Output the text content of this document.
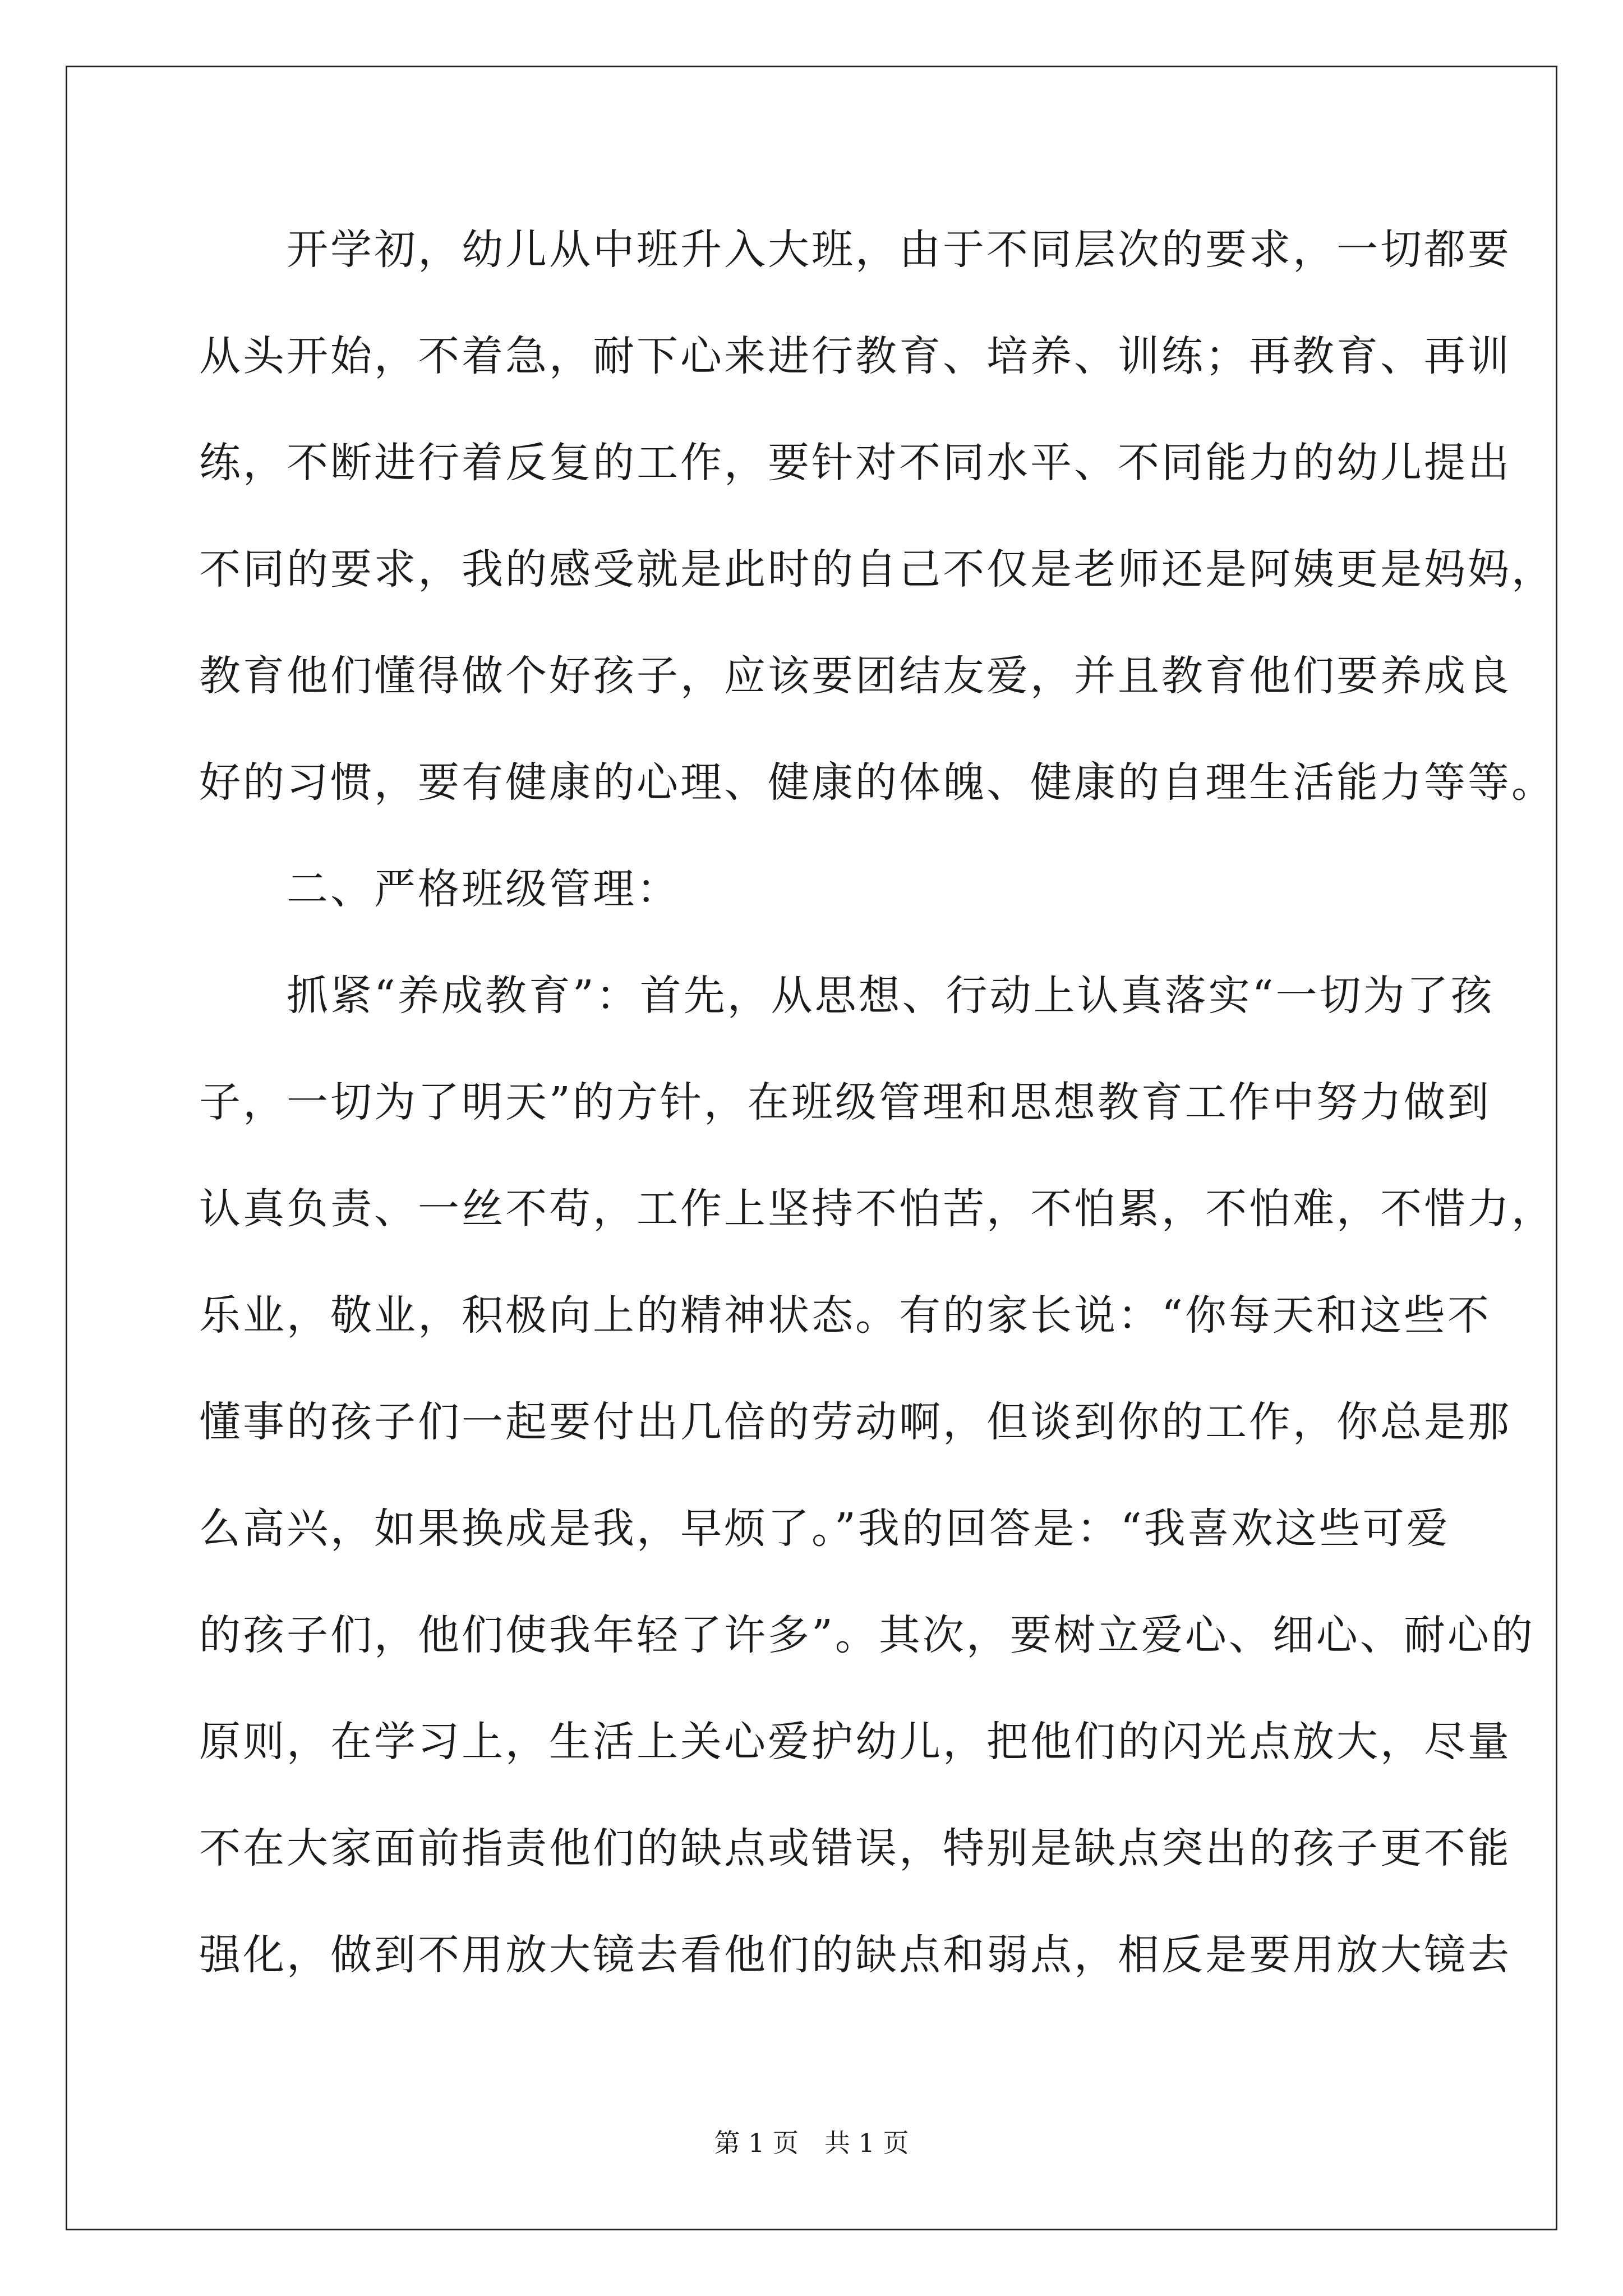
　　开学初，幼儿从中班升入大班，由于不同层次的要求，一切都要
从头开始，不着急，耐下心来进行教育、培养、训练；再教育、再训
练，不断进行着反复的工作，要针对不同水平、不同能力的幼儿提出
不同的要求，我的感受就是此时的自己不仅是老师还是阿姨更是妈妈，
教育他们懂得做个好孩子，应该要团结友爱，并且教育他们要养成良
好的习惯，要有健康的心理、健康的体魄、健康的自理生活能力等等。
　　二、严格班级管理：
　　抓紧“养成教育”：首先，从思想、行动上认真落实“一切为了孩
子，一切为了明天”的方针，在班级管理和思想教育工作中努力做到
认真负责、一丝不苟，工作上坚持不怕苦，不怕累，不怕难，不惜力，
乐业，敬业，积极向上的精神状态。有的家长说：“你每天和这些不
懂事的孩子们一起要付出几倍的劳动啊，但谈到你的工作，你总是那
么高兴，如果换成是我，早烦了。”我的回答是：“我喜欢这些可爱
的孩子们，他们使我年轻了许多”。其次，要树立爱心、细心、耐心的
原则，在学习上，生活上关心爱护幼儿，把他们的闪光点放大，尽量
不在大家面前指责他们的缺点或错误，特别是缺点突出的孩子更不能
强化，做到不用放大镜去看他们的缺点和弱点，相反是要用放大镜去
第 1 页　共 1 页
